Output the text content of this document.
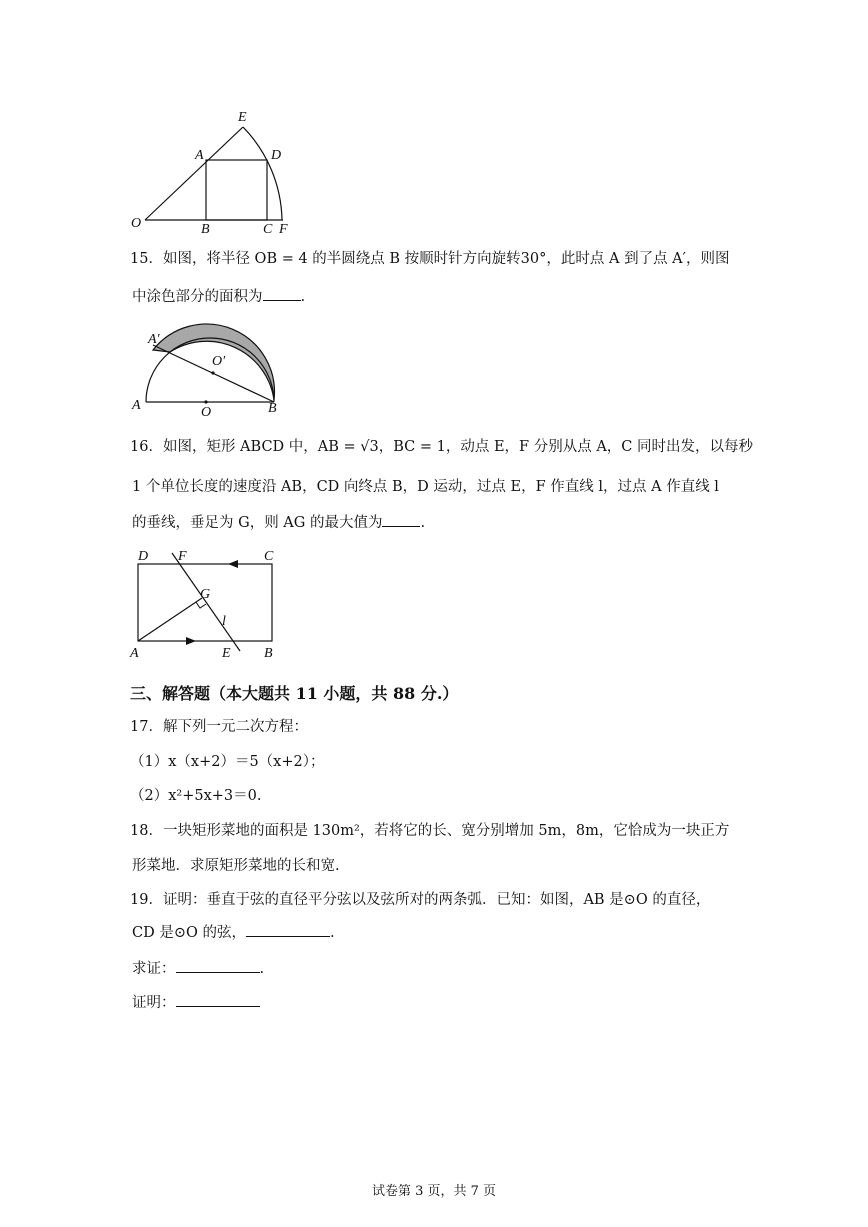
E
A	D
O	B	C F
15．如图，将半径 OB = 4 的半圆绕点 B 按顺时针方向旋转30°，此时点 A 到了点 A′，则图
中涂色部分的面积为	.
A′
O′
A	O	B
16．如图，矩形 ABCD 中，AB = √3，BC = 1，动点 E，F 分别从点 A，C 同时出发，以每秒
1 个单位长度的速度沿 AB，CD 向终点 B，D 运动，过点 E，F 作直线 l，过点 A 作直线 l
的垂线，垂足为 G，则 AG 的最大值为	.
D F	C
G
l
A	E B
三、解答题（本大题共 11 小题，共 88 分.）
17．解下列一元二次方程：
（1）x（x+2）＝5（x+2）；
（2）x²+5x+3＝0.
18．一块矩形菜地的面积是 130m²，若将它的长、宽分别增加 5m，8m，它恰成为一块正方
形菜地．求原矩形菜地的长和宽.
19．证明：垂直于弦的直径平分弦以及弦所对的两条弧．已知：如图，AB 是⊙O 的直径，
CD 是⊙O 的弦，	.
求证：	.
证明：
试卷第 3 页，共 7 页
